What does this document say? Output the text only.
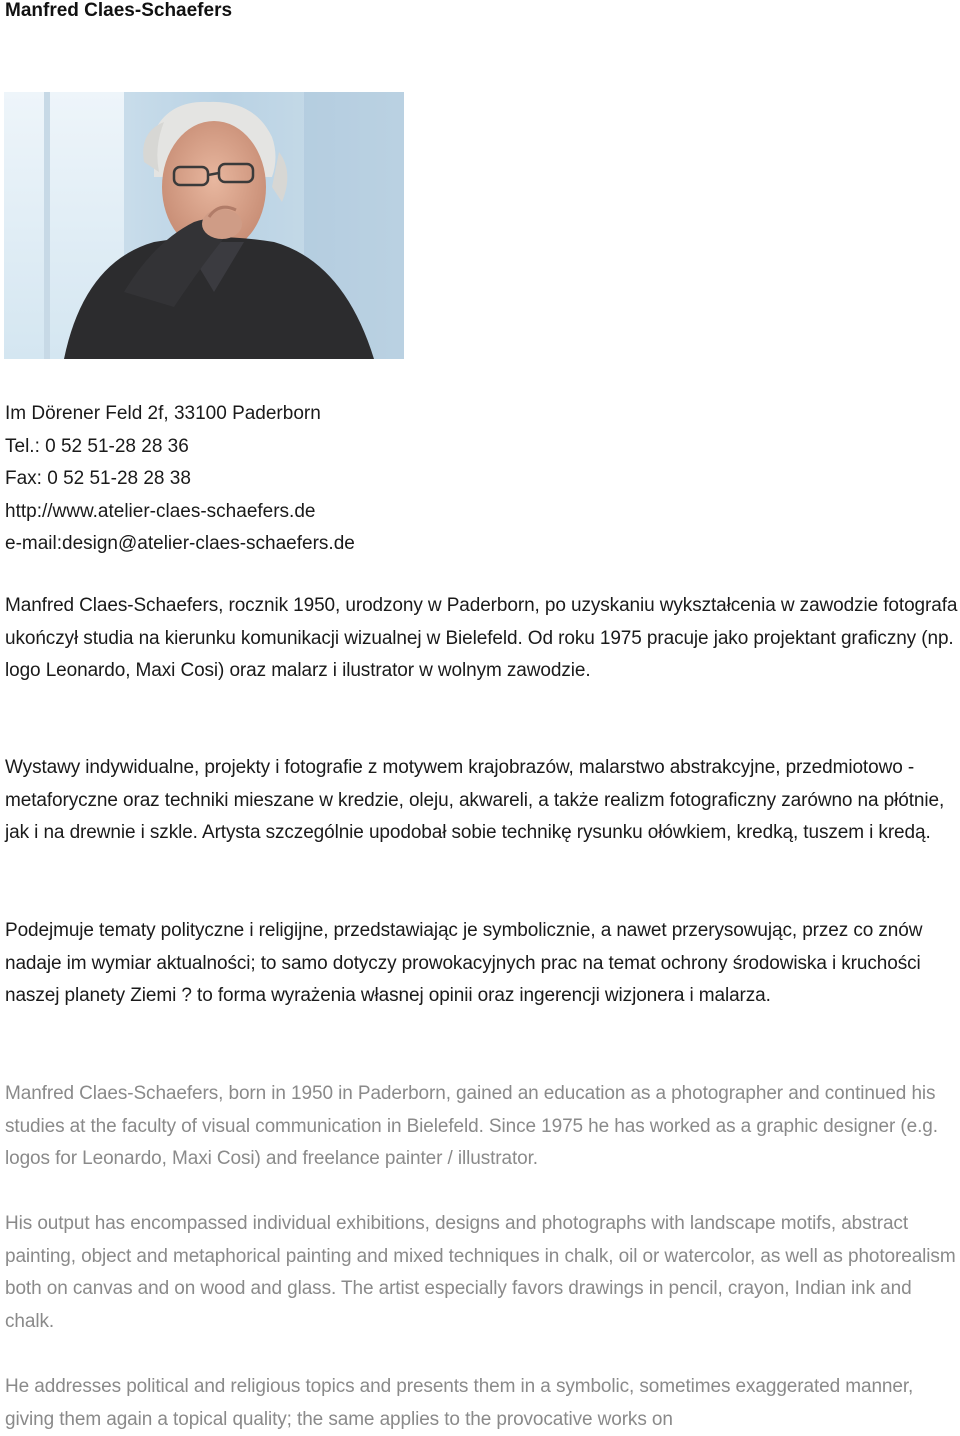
Manfred Claes-Schaefers
Im Dörener Feld 2f, 33100 Paderborn
Tel.: 0 52 51-28 28 36
Fax: 0 52 51-28 28 38
http://www.atelier-claes-schaefers.de
e-mail:design@atelier-claes-schaefers.de

Manfred Claes-Schaefers, rocznik 1950, urodzony w Paderborn, po uzyskaniu wykształcenia w zawodzie fotografa ukończył studia na kierunku komunikacji wizualnej w Bielefeld. Od roku 1975 pracuje jako projektant graficzny (np. logo Leonardo, Maxi Cosi) oraz malarz i ilustrator w wolnym zawodzie.

Wystawy indywidualne, projekty i fotografie z motywem krajobrazów, malarstwo abstrakcyjne, przedmiotowo - metaforyczne oraz techniki mieszane w kredzie, oleju, akwareli, a także realizm fotograficzny zarówno na płótnie, jak i na drewnie i szkle. Artysta szczególnie upodobał sobie technikę rysunku ołówkiem, kredką, tuszem i kredą.

Podejmuje tematy polityczne i religijne, przedstawiając je symbolicznie, a nawet przerysowując, przez co znów nadaje im wymiar aktualności; to samo dotyczy prowokacyjnych prac na temat ochrony środowiska i kruchości naszej planety Ziemi ? to forma wyrażenia własnej opinii oraz ingerencji wizjonera i malarza.

Manfred Claes-Schaefers, born in 1950 in Paderborn, gained an education as a photographer and continued his studies at the faculty of visual communication in Bielefeld. Since 1975 he has worked as a graphic designer (e.g. logos for Leonardo, Maxi Cosi) and freelance painter / illustrator.

His output has encompassed individual exhibitions, designs and photographs with landscape motifs, abstract painting, object and metaphorical painting and mixed techniques in chalk, oil or watercolor, as well as photorealism both on canvas and on wood and glass. The artist especially favors drawings in pencil, crayon, Indian ink and chalk.

He addresses political and religious topics and presents them in a symbolic, sometimes exaggerated manner, giving them again a topical quality; the same applies to the provocative works on
